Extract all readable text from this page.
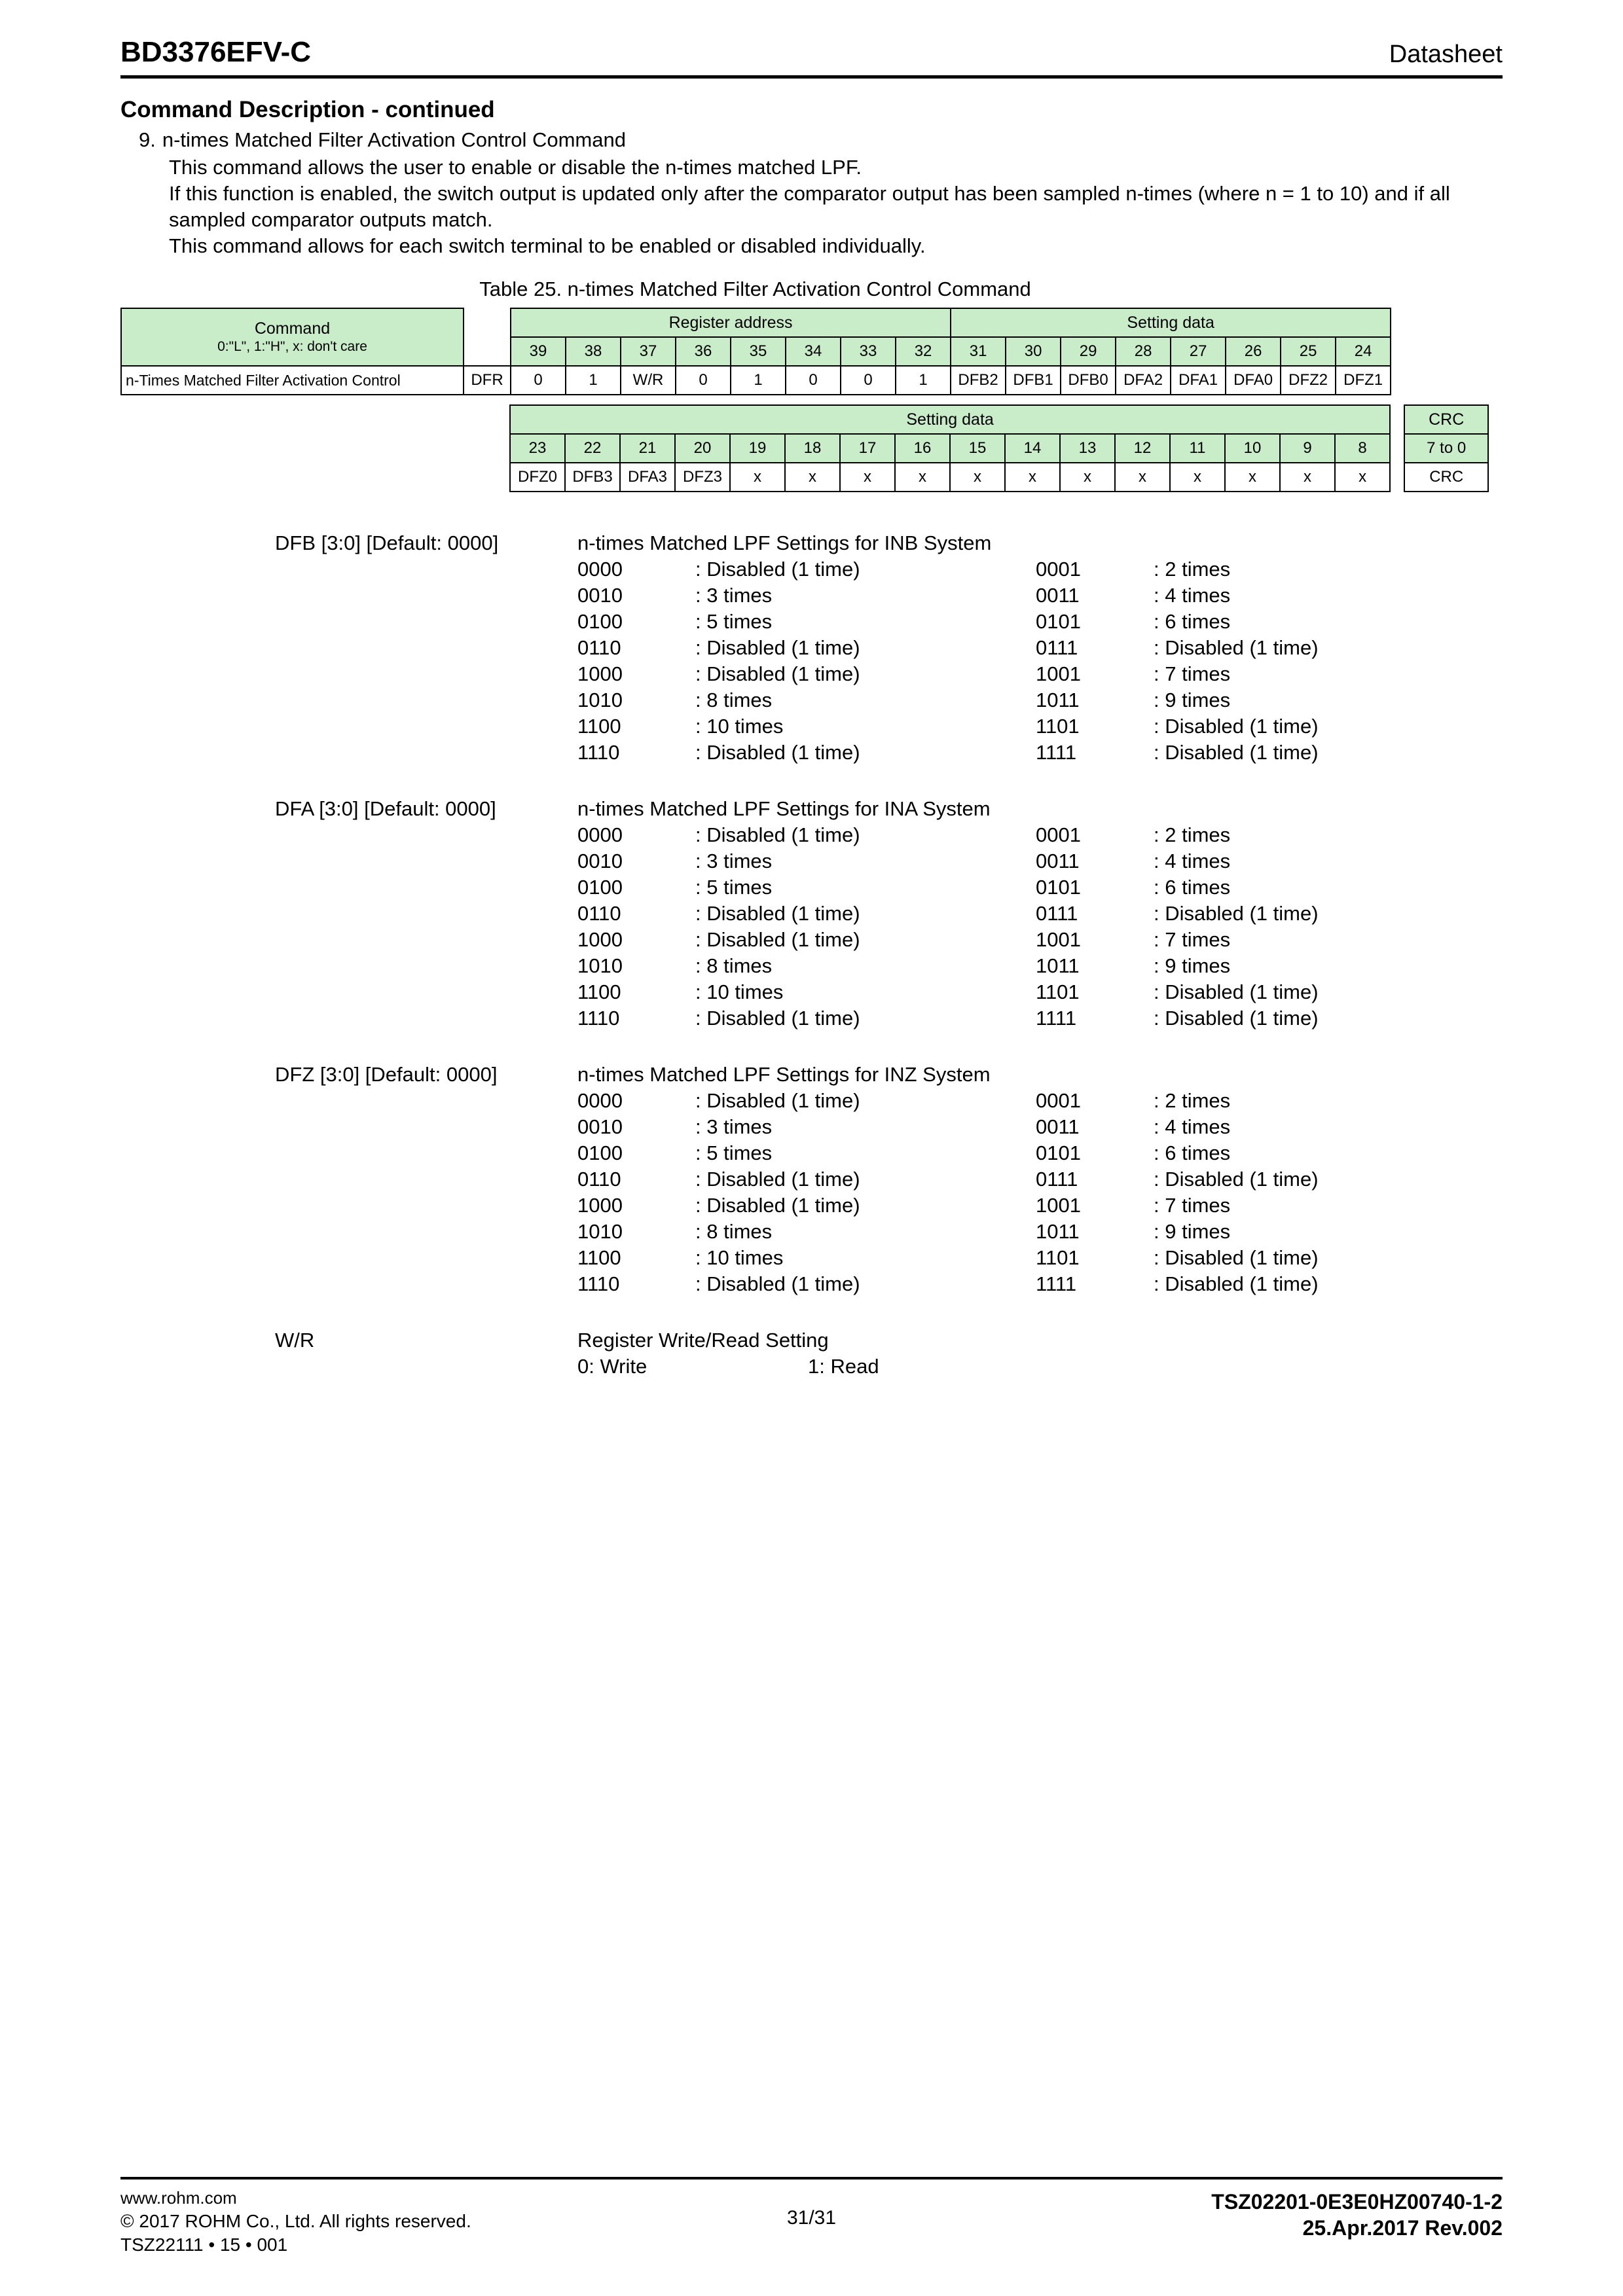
BD3376EFV-C	Datasheet
Command Description - continued
9. n-times Matched Filter Activation Control Command

This command allows the user to enable or disable the n-times matched LPF.

If this function is enabled, the switch output is updated only after the comparator output has been sampled n-times (where n = 1 to 10) and if all sampled comparator outputs match.

This command allows for each switch terminal to be enabled or disabled individually.

Table 25. n-times Matched Filter Activation Control Command
Command
0:"L", 1:"H", x: don't care		Register address								Setting data							
		39	38	37	36	35	34	33	32	31	30	29	28	27	26	25	24
n-Times Matched Filter Activation Control	DFR	0	1	W/R	0	1	0	0	1	DFB2	DFB1	DFB0	DFA2	DFA1	DFA0	DFZ2	DFZ1
Setting data																	CRC
23	22	21	20	19	18	17	16	15	14	13	12	11	10	9	8		7 to 0
DFZ0	DFB3	DFA3	DFZ3	x	x	x	x	x	x	x	x	x	x	x	x		CRC
DFB [3:0] [Default: 0000]	n-times Matched LPF Settings for INB System
0000	: Disabled (1 time)	0001	: 2 times
0010	: 3 times	0011	: 4 times
0100	: 5 times	0101	: 6 times
0110	: Disabled (1 time)	0111	: Disabled (1 time)
1000	: Disabled (1 time)	1001	: 7 times
1010	: 8 times	1011	: 9 times
1100	: 10 times	1101	: Disabled (1 time)
1110	: Disabled (1 time)	1111	: Disabled (1 time)
DFA [3:0] [Default: 0000]	n-times Matched LPF Settings for INA System
0000	: Disabled (1 time)	0001	: 2 times
0010	: 3 times	0011	: 4 times
0100	: 5 times	0101	: 6 times
0110	: Disabled (1 time)	0111	: Disabled (1 time)
1000	: Disabled (1 time)	1001	: 7 times
1010	: 8 times	1011	: 9 times
1100	: 10 times	1101	: Disabled (1 time)
1110	: Disabled (1 time)	1111	: Disabled (1 time)
DFZ [3:0] [Default: 0000]	n-times Matched LPF Settings for INZ System
0000	: Disabled (1 time)	0001	: 2 times
0010	: 3 times	0011	: 4 times
0100	: 5 times	0101	: 6 times
0110	: Disabled (1 time)	0111	: Disabled (1 time)
1000	: Disabled (1 time)	1001	: 7 times
1010	: 8 times	1011	: 9 times
1100	: 10 times	1101	: Disabled (1 time)
1110	: Disabled (1 time)	1111	: Disabled (1 time)
W/R	Register Write/Read Setting
0: Write	1: Read
www.rohm.com
© 2017 ROHM Co., Ltd. All rights reserved.
TSZ22111 • 15 • 001
31/31
TSZ02201-0E3E0HZ00740-1-2
25.Apr.2017 Rev.002
